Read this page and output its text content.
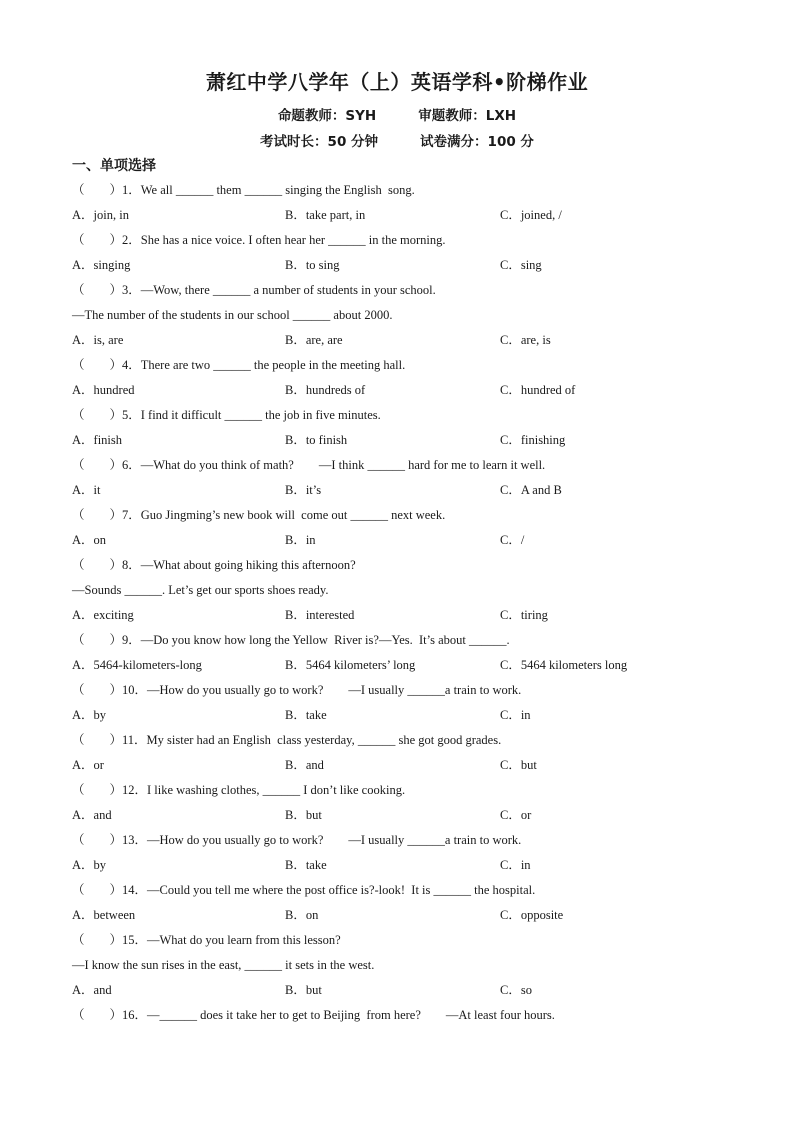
萧红中学八学年（上）英语学科•阶梯作业
命题教师：SYH	审题教师：LXH
考试时长：50 分钟	试卷满分：100 分
一、单项选择
（　　）1．We all ______ them ______ singing the English  song.
A．join, in	B．take part, in	C．joined, /
（　　）2．She has a nice voice. I often hear her ______ in the morning.
A．singing	B．to sing	C．sing
（　　）3．—Wow, there ______ a number of students in your school.
—The number of the students in our school ______ about 2000.
A．is, are	B．are, are	C．are, is
（　　）4．There are two ______ the people in the meeting hall.
A．hundred	B．hundreds of	C．hundred of
（　　）5．I find it difficult ______ the job in five minutes.
A．finish	B．to finish	C．finishing
（　　）6．—What do you think of math?　　—I think ______ hard for me to learn it well.
A．it	B．it’s	C．A and B
（　　）7．Guo Jingming’s new book will  come out ______ next week.
A．on	B．in	C．/
（　　）8．—What about going hiking this afternoon?
—Sounds ______. Let’s get our sports shoes ready.
A．exciting	B．interested	C．tiring
（　　）9．—Do you know how long the Yellow  River is?—Yes.  It’s about ______.
A．5464-kilometers-long	B．5464 kilometers’ long	C．5464 kilometers long
（　　）10．—How do you usually go to work?　　—I usually ______a train to work.
A．by	B．take	C．in
（　　）11．My sister had an English  class yesterday, ______ she got good grades.
A．or	B．and	C．but
（　　）12．I like washing clothes, ______ I don’t like cooking.
A．and	B．but	C．or
（　　）13．—How do you usually go to work?　　—I usually ______a train to work.
A．by	B．take	C．in
（　　）14．—Could you tell me where the post office is?-look!  It is ______ the hospital.
A．between	B．on	C．opposite
（　　）15．—What do you learn from this lesson?
—I know the sun rises in the east, ______ it sets in the west.
A．and	B．but	C．so
（　　）16．—______ does it take her to get to Beijing  from here?　　—At least four hours.
